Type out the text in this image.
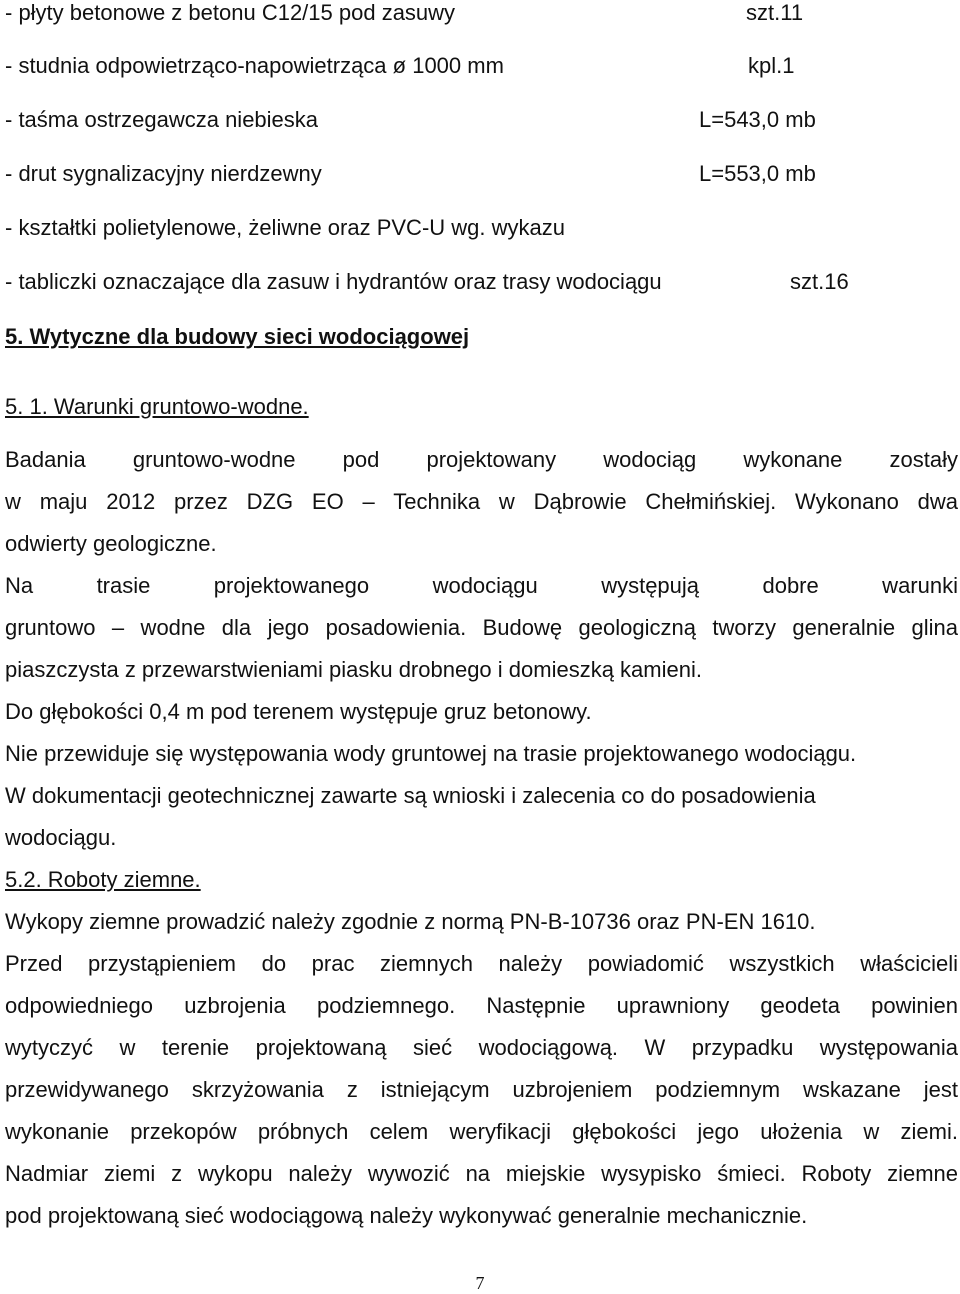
- płyty betonowe z betonu C12/15 pod zasuwy	szt.11
- studnia odpowietrząco-napowietrząca ø 1000 mm	kpl.1
- taśma ostrzegawcza niebieska	L=543,0 mb
- drut sygnalizacyjny nierdzewny	L=553,0 mb
- kształtki polietylenowe, żeliwne oraz PVC-U wg. wykazu
- tabliczki oznaczające dla zasuw i hydrantów oraz trasy wodociągu	szt.16
5. Wytyczne dla budowy sieci wodociągowej
5. 1. Warunki gruntowo-wodne.
Badania gruntowo-wodne pod projektowany wodociąg wykonane zostały
w maju 2012 przez DZG EO – Technika w Dąbrowie Chełmińskiej. Wykonano dwa
odwierty geologiczne.
Na trasie projektowanego wodociągu występują dobre warunki
gruntowo – wodne dla jego posadowienia. Budowę geologiczną tworzy generalnie glina
piaszczysta z przewarstwieniami piasku drobnego i domieszką kamieni.
Do głębokości 0,4 m pod terenem występuje gruz betonowy.
Nie przewiduje się występowania wody gruntowej na trasie projektowanego wodociągu.
W dokumentacji geotechnicznej zawarte są wnioski i zalecenia co do posadowienia
wodociągu.
5.2. Roboty ziemne.
Wykopy ziemne prowadzić należy zgodnie z normą PN-B-10736 oraz PN-EN 1610.
Przed przystąpieniem do prac ziemnych należy powiadomić wszystkich właścicieli
odpowiedniego uzbrojenia podziemnego. Następnie uprawniony geodeta powinien
wytyczyć w terenie projektowaną sieć wodociągową. W przypadku występowania
przewidywanego skrzyżowania z istniejącym uzbrojeniem podziemnym wskazane jest
wykonanie przekopów próbnych celem weryfikacji głębokości jego ułożenia w ziemi.
Nadmiar ziemi z wykopu należy wywozić na miejskie wysypisko śmieci. Roboty ziemne
pod projektowaną sieć wodociągową należy wykonywać generalnie mechanicznie.
7
